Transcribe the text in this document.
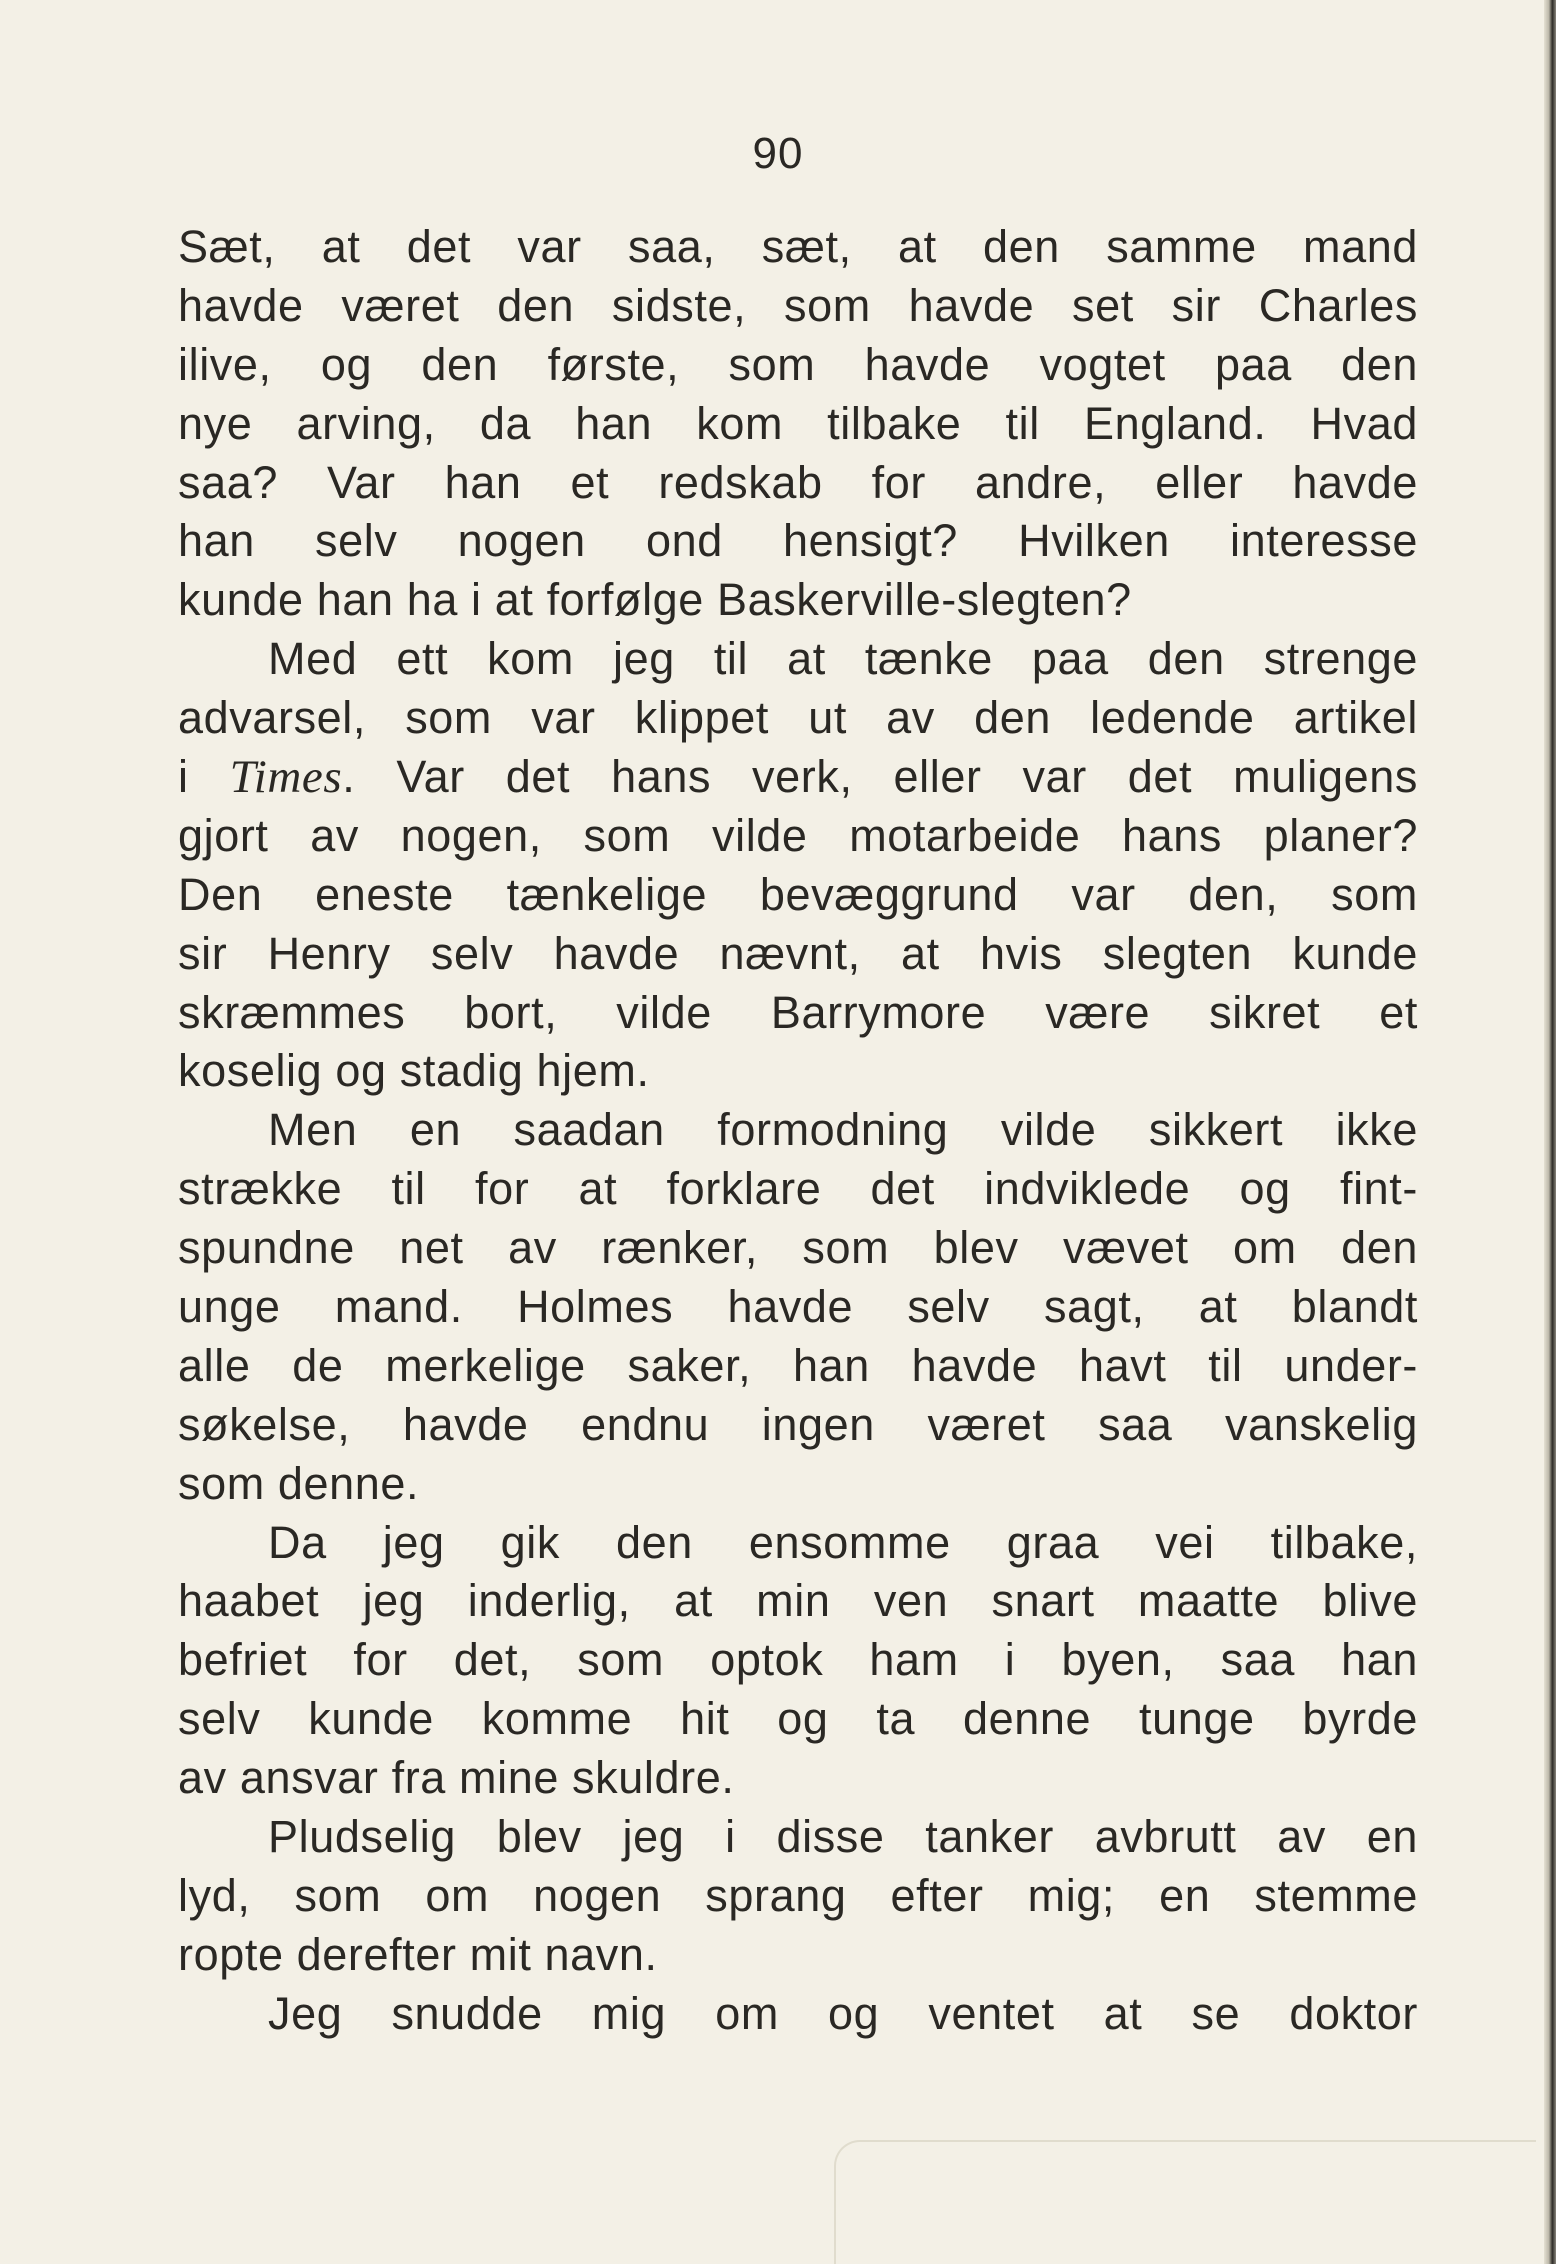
90
Sæt, at det var saa, sæt, at den samme mand
havde været den sidste, som havde set sir Charles
ilive, og den første, som havde vogtet paa den
nye arving, da han kom tilbake til England. Hvad
saa? Var han et redskab for andre, eller havde
han selv nogen ond hensigt? Hvilken interesse
kunde han ha i at forfølge Baskerville-slegten?
Med ett kom jeg til at tænke paa den strenge
advarsel, som var klippet ut av den ledende artikel
i Times. Var det hans verk, eller var det muligens
gjort av nogen, som vilde motarbeide hans planer?
Den eneste tænkelige bevæggrund var den, som
sir Henry selv havde nævnt, at hvis slegten kunde
skræmmes bort, vilde Barrymore være sikret et
koselig og stadig hjem.
Men en saadan formodning vilde sikkert ikke
strække til for at forklare det indviklede og fint-
spundne net av rænker, som blev vævet om den
unge mand. Holmes havde selv sagt, at blandt
alle de merkelige saker, han havde havt til under-
søkelse, havde endnu ingen været saa vanskelig
som denne.
Da jeg gik den ensomme graa vei tilbake,
haabet jeg inderlig, at min ven snart maatte blive
befriet for det, som optok ham i byen, saa han
selv kunde komme hit og ta denne tunge byrde
av ansvar fra mine skuldre.
Pludselig blev jeg i disse tanker avbrutt av en
lyd, som om nogen sprang efter mig; en stemme
ropte derefter mit navn.
Jeg snudde mig om og ventet at se doktor
